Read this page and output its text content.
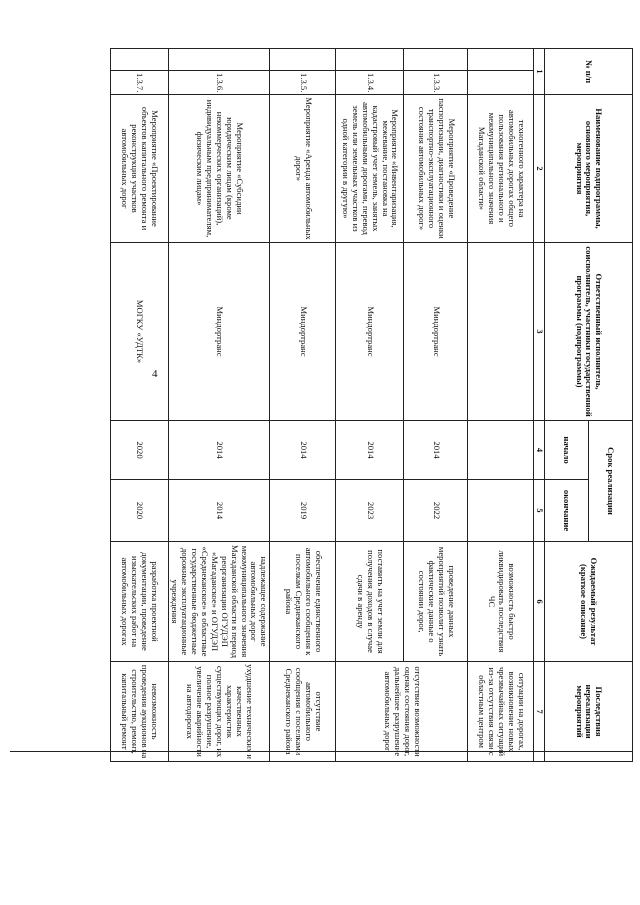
4
№ п/п		Наименование подпрограммы, основного мероприятия, мероприятия	Ответственный исполнитель, соисполнитель, участники государственной программы (подпрограммы)	Срок реализации		Ожидаемый результат (краткое описание)	Последствия нереализации мероприятий
				начало	окончание		
1		2	3	4	5	6	7
		техногенного характера на автомобильных дорогах общего пользования регионального и межмуниципального значения Магаданской области»				возможность быстро ликвидировать последствия ЧС	ситуации на дорогах, возникновение новых чрезвычайных ситуаций из-за отсутствия связи с областным центром
	1.3.3.	Мероприятие «Проведение паспортизации, диагностики и оценки транспортно-эксплуатационного состояния автомобильных дорог»	Миндортранс	2014	2022	проведение данных мероприятий позволит узнать фактические данные о состоянии дорог,	отсутствие возможности оценки состояния дорог, дальнейшее разрушение автомобильных дорог
	1.3.4.	Мероприятие «Инвентаризация, межевание, постановка на кадастровый учет земель, занятых автомобильными дорогами, перевод земель или земельных участков из одной категории в другую»	Миндортранс	2014	2023	поставить на учет земли для получения доходов в случае сдачи в аренду	
	1.3.5.	Мероприятие «Аренда автомобильных дорог»	Миндортранс	2014	2019	обеспечение единственного автомобильного сообщения к поселкам Среднеканского района	отсутствие автомобильного сообщения с поселками Среднеканского района
	1.3.6.	Мероприятие «Субсидии юридическим лицам (кроме некоммерческих организаций), индивидуальным предпринимателям, физическим лицам»	Миндортранс	2014	2014	надлежащее содержание автомобильных дорог межмуниципального значения Магаданской области в период реорганизации ОГУДЭП «Магаданское» и ОГУДЭП «Среднеканское» в областные государственные бюджетные дорожные эксплуатационные учреждения	ухудшение технических и качественных характеристик существующих дорог, их полное разрушение, увеличение аварийности на автодорогах
	1.3.7.	Мероприятие «Проектирование объектов капитального ремонта и реконструкция участков автомобильных дорог	МОГКУ «УДТК»	2020	2020	разработка проектной документации, проведение изыскательских работ на автомобильных дорогах	невозможность проведения аукционов на строительство, ремонт, капитальный ремонт
